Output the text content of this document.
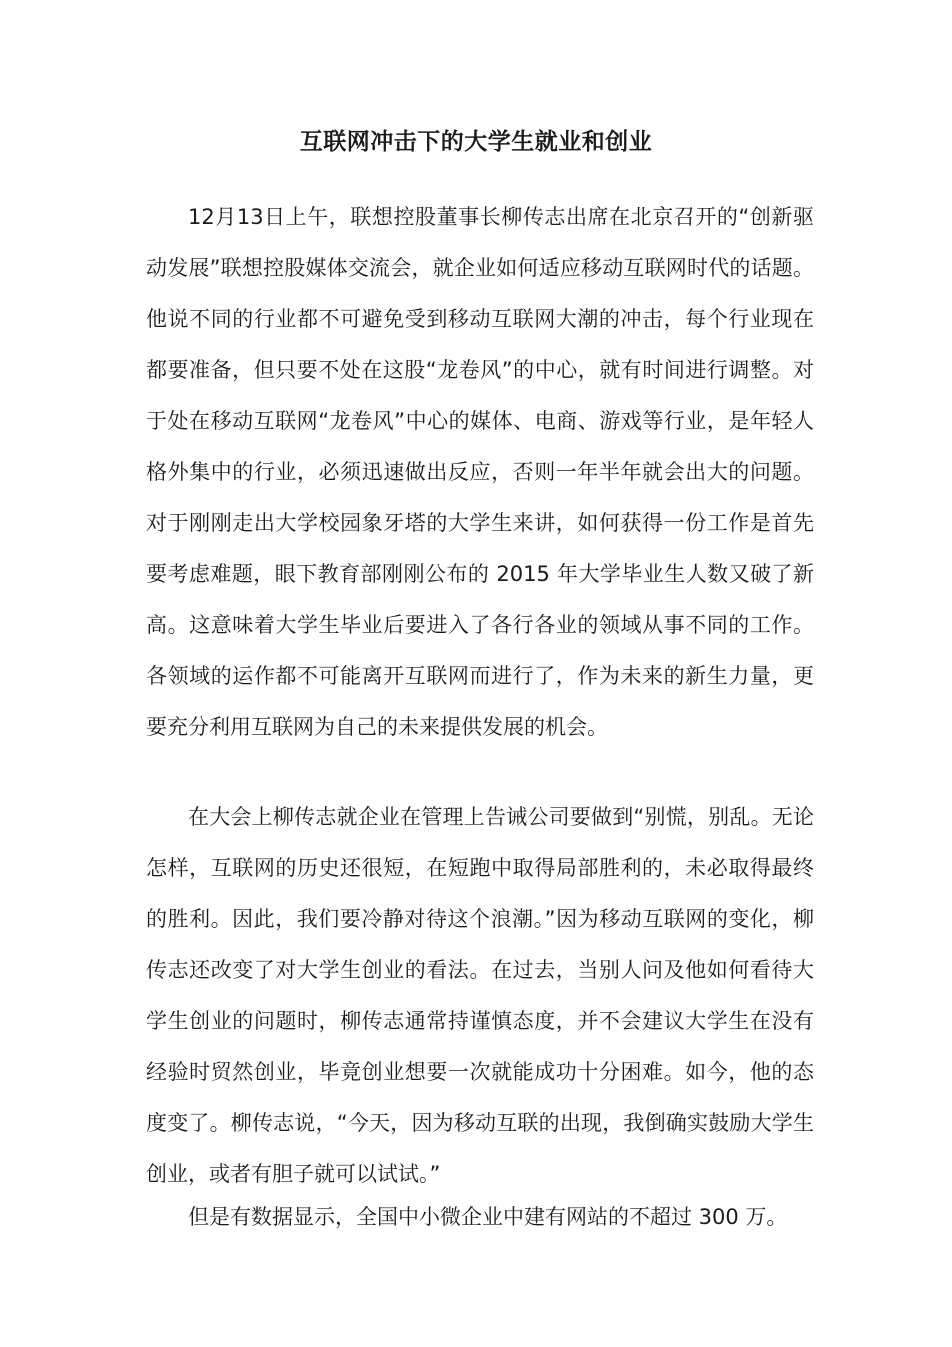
互联网冲击下的大学生就业和创业

12月13日上午，联想控股董事长柳传志出席在北京召开的“创新驱动发展”联想控股媒体交流会，就企业如何适应移动互联网时代的话题。他说不同的行业都不可避免受到移动互联网大潮的冲击，每个行业现在都要准备，但只要不处在这股“龙卷风”的中心，就有时间进行调整。对于处在移动互联网“龙卷风”中心的媒体、电商、游戏等行业，是年轻人格外集中的行业，必须迅速做出反应，否则一年半年就会出大的问题。对于刚刚走出大学校园象牙塔的大学生来讲，如何获得一份工作是首先要考虑难题，眼下教育部刚刚公布的 2015 年大学毕业生人数又破了新高。这意味着大学生毕业后要进入了各行各业的领域从事不同的工作。各领域的运作都不可能离开互联网而进行了，作为未来的新生力量，更要充分利用互联网为自己的未来提供发展的机会。

在大会上柳传志就企业在管理上告诫公司要做到“别慌，别乱。无论怎样，互联网的历史还很短，在短跑中取得局部胜利的，未必取得最终的胜利。因此，我们要冷静对待这个浪潮。”因为移动互联网的变化，柳传志还改变了对大学生创业的看法。在过去，当别人问及他如何看待大学生创业的问题时，柳传志通常持谨慎态度，并不会建议大学生在没有经验时贸然创业，毕竟创业想要一次就能成功十分困难。如今，他的态度变了。柳传志说，“今天，因为移动互联的出现，我倒确实鼓励大学生创业，或者有胆子就可以试试。”

但是有数据显示，全国中小微企业中建有网站的不超过 300 万。
